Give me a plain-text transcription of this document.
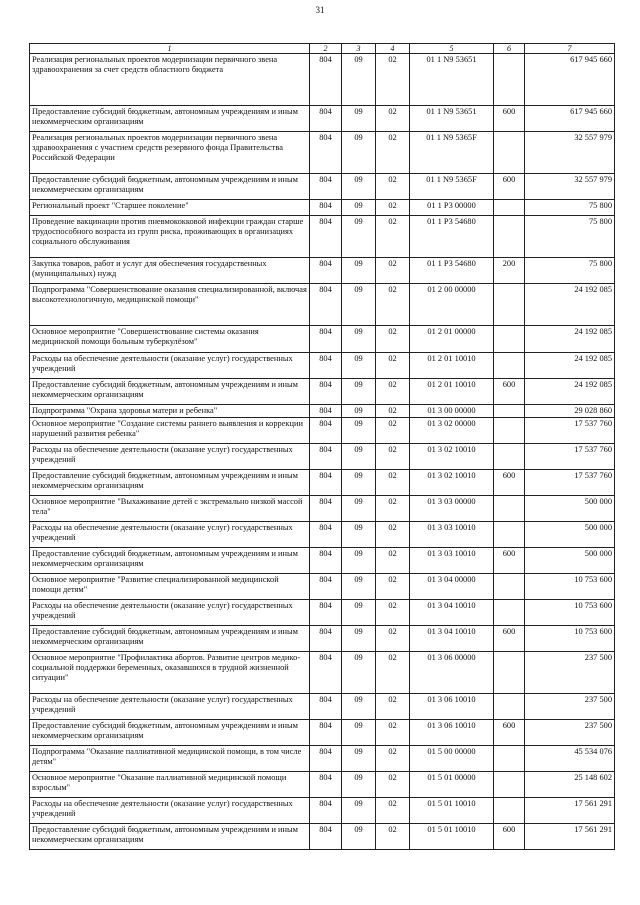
31
1	2	3	4	5	6	7
Реализация региональных проектов модернизации первичного звена здравоохранения за счет средств областного бюджета	804	09	02	01 1 N9 53651		617 945 660
Предоставление субсидий бюджетным, автономным учреждениям и иным некоммерческим организациям	804	09	02	01 1 N9 53651	600	617 945 660
Реализация региональных проектов модернизации первичного звена здравоохранения с участием средств резервного фонда Правительства Российской Федерации	804	09	02	01 1 N9 5365F		32 557 979
Предоставление субсидий бюджетным, автономным учреждениям и иным некоммерческим организациям	804	09	02	01 1 N9 5365F	600	32 557 979
Региональный проект "Старшее поколение"	804	09	02	01 1 P3 00000		75 800
Проведение вакцинации против пневмококковой инфекции граждан старше трудоспособного возраста из групп риска, проживающих в организациях социального обслуживания	804	09	02	01 1 P3 54680		75 800
Закупка товаров, работ и услуг для обеспечения государственных (муниципальных) нужд	804	09	02	01 1 P3 54680	200	75 800
Подпрограмма "Совершенствование оказания специализированной, включая высокотехнологичную, медицинской помощи"	804	09	02	01 2 00 00000		24 192 085
Основное мероприятие "Совершенствование системы оказания медицинской помощи больным туберкулёзом"	804	09	02	01 2 01 00000		24 192 085
Расходы на обеспечение деятельности (оказание услуг) государственных учреждений	804	09	02	01 2 01 10010		24 192 085
Предоставление субсидий бюджетным, автономным учреждениям и иным некоммерческим организациям	804	09	02	01 2 01 10010	600	24 192 085
Подпрограмма "Охрана здоровья матери и ребенка"	804	09	02	01 3 00 00000		29 028 860
Основное мероприятие "Создание системы раннего выявления и коррекции нарушений развития ребенка"	804	09	02	01 3 02 00000		17 537 760
Расходы на обеспечение деятельности (оказание услуг) государственных учреждений	804	09	02	01 3 02 10010		17 537 760
Предоставление субсидий бюджетным, автономным учреждениям и иным некоммерческим организациям	804	09	02	01 3 02 10010	600	17 537 760
Основное мероприятие "Выхаживание детей с экстремально низкой массой тела"	804	09	02	01 3 03 00000		500 000
Расходы на обеспечение деятельности (оказание услуг) государственных учреждений	804	09	02	01 3 03 10010		500 000
Предоставление субсидий бюджетным, автономным учреждениям и иным некоммерческим организациям	804	09	02	01 3 03 10010	600	500 000
Основное мероприятие "Развитие специализированной медицинской помощи детям"	804	09	02	01 3 04 00000		10 753 600
Расходы на обеспечение деятельности (оказание услуг) государственных учреждений	804	09	02	01 3 04 10010		10 753 600
Предоставление субсидий бюджетным, автономным учреждениям и иным некоммерческим организациям	804	09	02	01 3 04 10010	600	10 753 600
Основное мероприятие "Профилактика абортов. Развитие центров медико-социальной поддержки беременных, оказавшихся в трудной жизненной ситуации"	804	09	02	01 3 06 00000		237 500
Расходы на обеспечение деятельности (оказание услуг) государственных учреждений	804	09	02	01 3 06 10010		237 500
Предоставление субсидий бюджетным, автономным учреждениям и иным некоммерческим организациям	804	09	02	01 3 06 10010	600	237 500
Подпрограмма "Оказание паллиативной медицинской помощи, в том числе детям"	804	09	02	01 5 00 00000		45 534 076
Основное мероприятие "Оказание паллиативной медицинской помощи взрослым"	804	09	02	01 5 01 00000		25 148 602
Расходы на обеспечение деятельности (оказание услуг) государственных учреждений	804	09	02	01 5 01 10010		17 561 291
Предоставление субсидий бюджетным, автономным учреждениям и иным некоммерческим организациям	804	09	02	01 5 01 10010	600	17 561 291
